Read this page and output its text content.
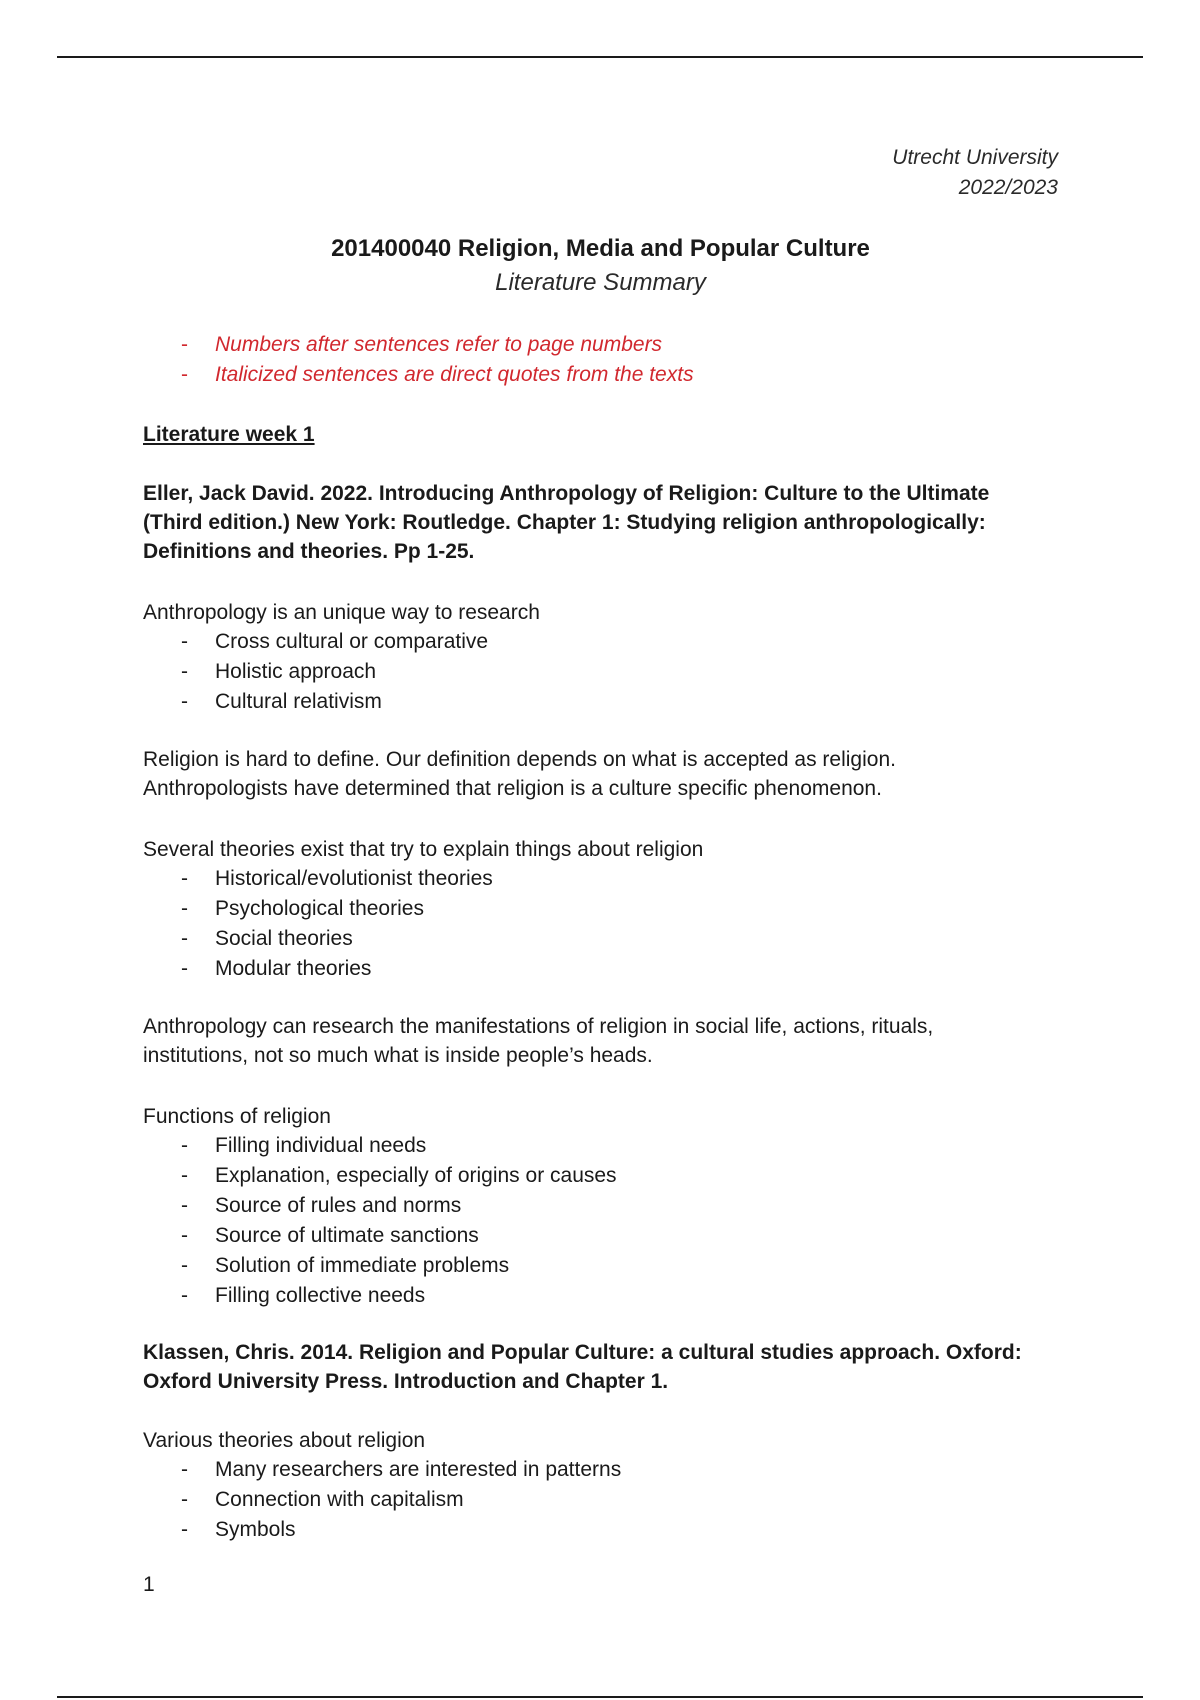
Utrecht University
2022/2023
201400040 Religion, Media and Popular Culture
Literature Summary
- Numbers after sentences refer to page numbers
- Italicized sentences are direct quotes from the texts
Literature week 1
Eller, Jack David. 2022. Introducing Anthropology of Religion: Culture to the Ultimate (Third edition.) New York: Routledge. Chapter 1: Studying religion anthropologically: Definitions and theories. Pp 1-25.
Anthropology is an unique way to research
- Cross cultural or comparative
- Holistic approach
- Cultural relativism
Religion is hard to define. Our definition depends on what is accepted as religion. Anthropologists have determined that religion is a culture specific phenomenon.
Several theories exist that try to explain things about religion
- Historical/evolutionist theories
- Psychological theories
- Social theories
- Modular theories
Anthropology can research the manifestations of religion in social life, actions, rituals, institutions, not so much what is inside people’s heads.
Functions of religion
- Filling individual needs
- Explanation, especially of origins or causes
- Source of rules and norms
- Source of ultimate sanctions
- Solution of immediate problems
- Filling collective needs
Klassen, Chris. 2014. Religion and Popular Culture: a cultural studies approach. Oxford: Oxford University Press. Introduction and Chapter 1.
Various theories about religion
- Many researchers are interested in patterns
- Connection with capitalism
- Symbols
1
